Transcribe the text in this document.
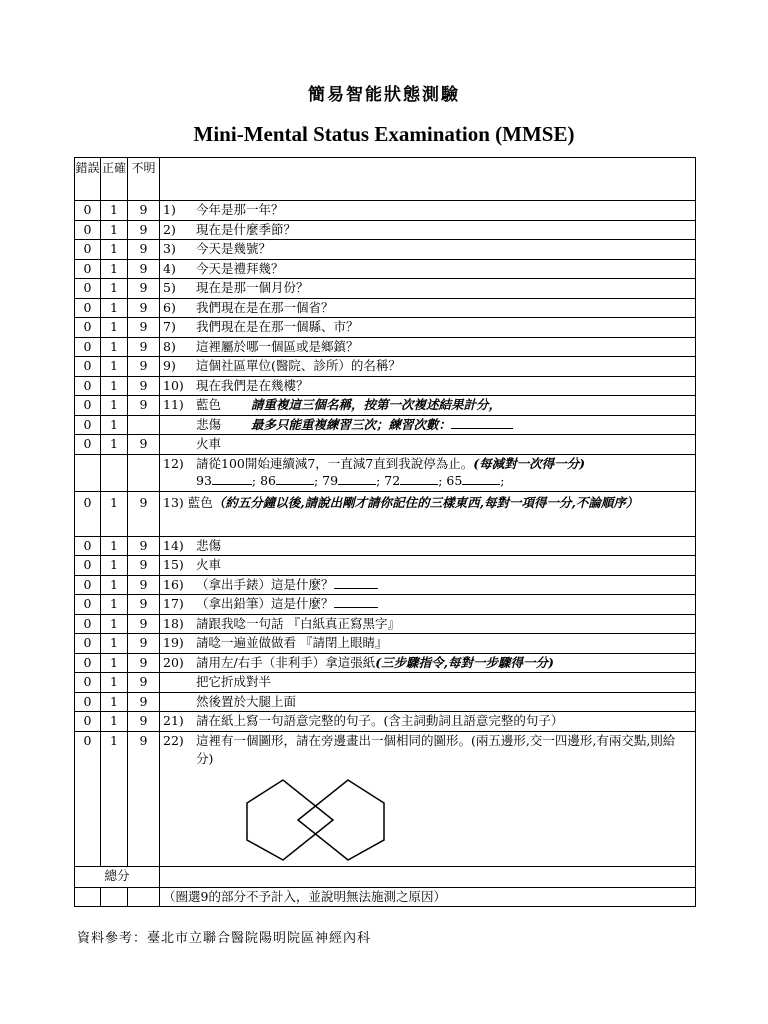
簡易智能狀態測驗
Mini-Mental Status Examination (MMSE)
錯誤	正確	不明	
0	1	9	1) 今年是那一年？
0	1	9	2) 現在是什麼季節？
0	1	9	3) 今天是幾號？
0	1	9	4) 今天是禮拜幾？
0	1	9	5) 現在是那一個月份？
0	1	9	6) 我們現在是在那一個省？
0	1	9	7) 我們現在是在那一個縣、市？
0	1	9	8) 這裡屬於哪一個區或是鄉鎮？
0	1	9	9) 這個社區單位(醫院、診所）的名稱？
0	1	9	10) 現在我們是在幾樓？
0	1	9	11) 藍色 請重複這三個名稱，按第一次複述結果計分，
0	1		悲傷 最多只能重複練習三次；練習次數：
0	1	9	火車
			12) 請從100開始連續減7，一直減7直到我說停為止。(每減對一次得一分)
93 ; 86 ; 79 ; 72 ; 65 ;
0	1	9	13) 藍色（約五分鐘以後,請說出剛才請你記住的三樣東西,每對一項得一分,不論順序）
0	1	9	14) 悲傷
0	1	9	15) 火車
0	1	9	16) （拿出手錶）這是什麼？
0	1	9	17) （拿出鉛筆）這是什麼？
0	1	9	18) 請跟我唸一句話 『白紙真正寫黑字』
0	1	9	19) 請唸一遍並做做看 『請閉上眼睛』
0	1	9	20) 請用左/右手（非利手）拿這張紙(三步驟指令,每對一步驟得一分)
0	1	9	把它折成對半
0	1	9	然後置於大腿上面
0	1	9	21) 請在紙上寫一句語意完整的句子。(含主詞動詞且語意完整的句子）
0	1	9	22) 這裡有一個圖形，請在旁邊畫出一個相同的圖形。(兩五邊形,交一四邊形,有兩交點,則給分)

總分			
			（圈選9的部分不予計入，並說明無法施測之原因）
資料參考：臺北市立聯合醫院陽明院區神經內科
